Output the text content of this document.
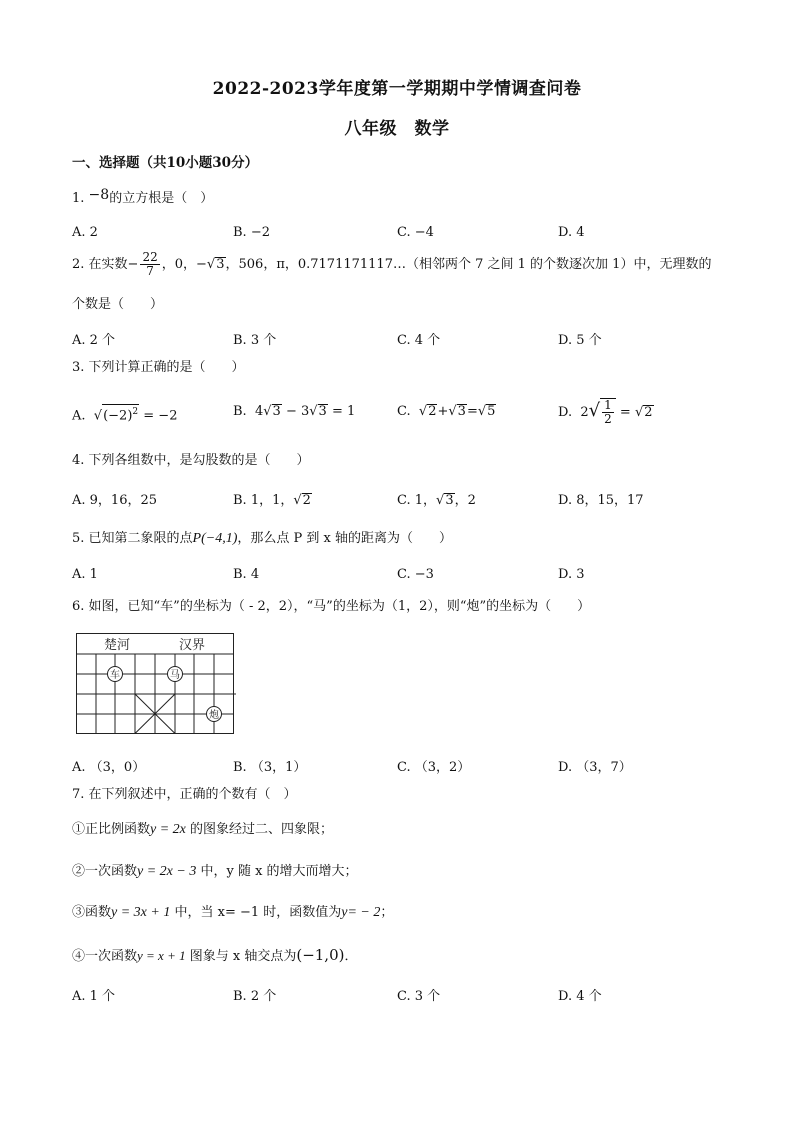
2022-2023学年度第一学期期中学情调查问卷
八年级　数学
一、选择题（共10小题30分）
1. −8的立方根是（　）
A. 2	B. −2	C. −4	D. 4
2. 在实数− $\frac{22}{7}$ ，0，−√3，506，π，0.7171171117…（相邻两个 7 之间 1 的个数逐次加 1）中，无理数的
个数是（　　）
A. 2 个	B. 3 个	C. 4 个	D. 5 个
3. 下列计算正确的是（　　）
A. $√(-2)^2 = -2$	B. 4√3 − 3√3 = 1	C. √2+√3=√5	D. $2√ \frac{1}{2} = √2$
4. 下列各组数中，是勾股数的是（　　）
A. 9，16，25	B. 1，1，√2	C. 1，√3，2	D. 8，15，17
5. 已知第二象限的点P(−4,1)，那么点 P 到 x 轴的距离为（　　）
A. 1	B. 4	C. −3	D. 3
6. 如图，已知“车”的坐标为（ - 2，2），“马”的坐标为（1，2），则“炮”的坐标为（　　）
楚河	汉界
车	马
炮
A. （3，0）	B. （3，1）	C. （3，2）	D. （3，7）
7. 在下列叙述中，正确的个数有（　）
①正比例函数y = 2x 的图象经过二、四象限；
②一次函数y = 2x − 3 中，y 随 x 的增大而增大；
③函数y = 3x + 1 中，当 x= −1 时，函数值为y= − 2；
④一次函数y = x + 1 图象与 x 轴交点为(−1,0)．
A. 1 个	B. 2 个	C. 3 个	D. 4 个
